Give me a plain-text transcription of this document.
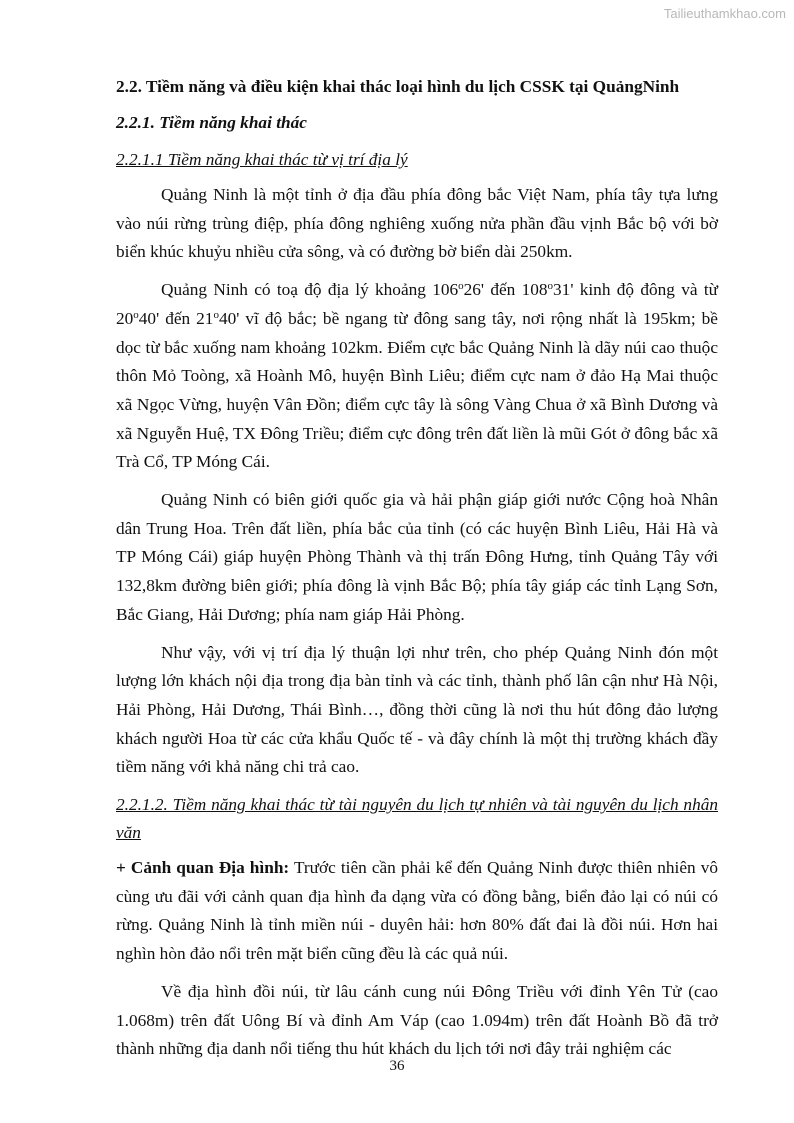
Tailieuthamkhao.com
2.2. Tiềm năng và điều kiện khai thác loại hình du lịch CSSK tại QuảngNinh
2.2.1. Tiềm năng khai thác
2.2.1.1 Tiềm năng khai thác từ vị trí địa lý

Quảng Ninh là một tỉnh ở địa đầu phía đông bắc Việt Nam, phía tây tựa lưng vào núi rừng trùng điệp, phía đông nghiêng xuống nửa phần đầu vịnh Bắc bộ với bờ biển khúc khuỷu nhiều cửa sông, và có đường bờ biển dài 250km.

Quảng Ninh có toạ độ địa lý khoảng 106$^o$26' đến 108$^o$31' kinh độ đông và từ 20$^o$40' đến 21$^o$40' vĩ độ bắc; bề ngang từ đông sang tây, nơi rộng nhất là 195km; bề dọc từ bắc xuống nam khoảng 102km. Điểm cực bắc Quảng Ninh là dãy núi cao thuộc thôn Mỏ Toòng, xã Hoành Mô, huyện Bình Liêu; điểm cực nam ở đảo Hạ Mai thuộc xã Ngọc Vừng, huyện Vân Đồn; điểm cực tây là sông Vàng Chua ở xã Bình Dương và xã Nguyễn Huệ, TX Đông Triều; điểm cực đông trên đất liền là mũi Gót ở đông bắc xã Trà Cổ, TP Móng Cái.

Quảng Ninh có biên giới quốc gia và hải phận giáp giới nước Cộng hoà Nhân dân Trung Hoa. Trên đất liền, phía bắc của tỉnh (có các huyện Bình Liêu, Hải Hà và TP Móng Cái) giáp huyện Phòng Thành và thị trấn Đông Hưng, tỉnh Quảng Tây với 132,8km đường biên giới; phía đông là vịnh Bắc Bộ; phía tây giáp các tỉnh Lạng Sơn, Bắc Giang, Hải Dương; phía nam giáp Hải Phòng.

Như vậy, với vị trí địa lý thuận lợi như trên, cho phép Quảng Ninh đón một lượng lớn khách nội địa trong địa bàn tỉnh và các tỉnh, thành phố lân cận như Hà Nội, Hải Phòng, Hải Dương, Thái Bình…, đồng thời cũng là nơi thu hút đông đảo lượng khách người Hoa từ các cửa khẩu Quốc tế - và đây chính là một thị trường khách đầy tiềm năng với khả năng chi trả cao.

2.2.1.2. Tiềm năng khai thác từ tài nguyên du lịch tự nhiên và tài nguyên du lịch nhân văn

+ Cảnh quan Địa hình: Trước tiên cần phải kể đến Quảng Ninh được thiên nhiên vô cùng ưu đãi với cảnh quan địa hình đa dạng vừa có đồng bằng, biển đảo lại có núi có rừng. Quảng Ninh là tỉnh miền núi - duyên hải: hơn 80% đất đai là đồi núi. Hơn hai nghìn hòn đảo nổi trên mặt biển cũng đều là các quả núi.

Về địa hình đồi núi, từ lâu cánh cung núi Đông Triều với đỉnh Yên Tử (cao 1.068m) trên đất Uông Bí và đỉnh Am Váp (cao 1.094m) trên đất Hoành Bồ đã trở thành những địa danh nổi tiếng thu hút khách du lịch tới nơi đây trải nghiệm các

36
